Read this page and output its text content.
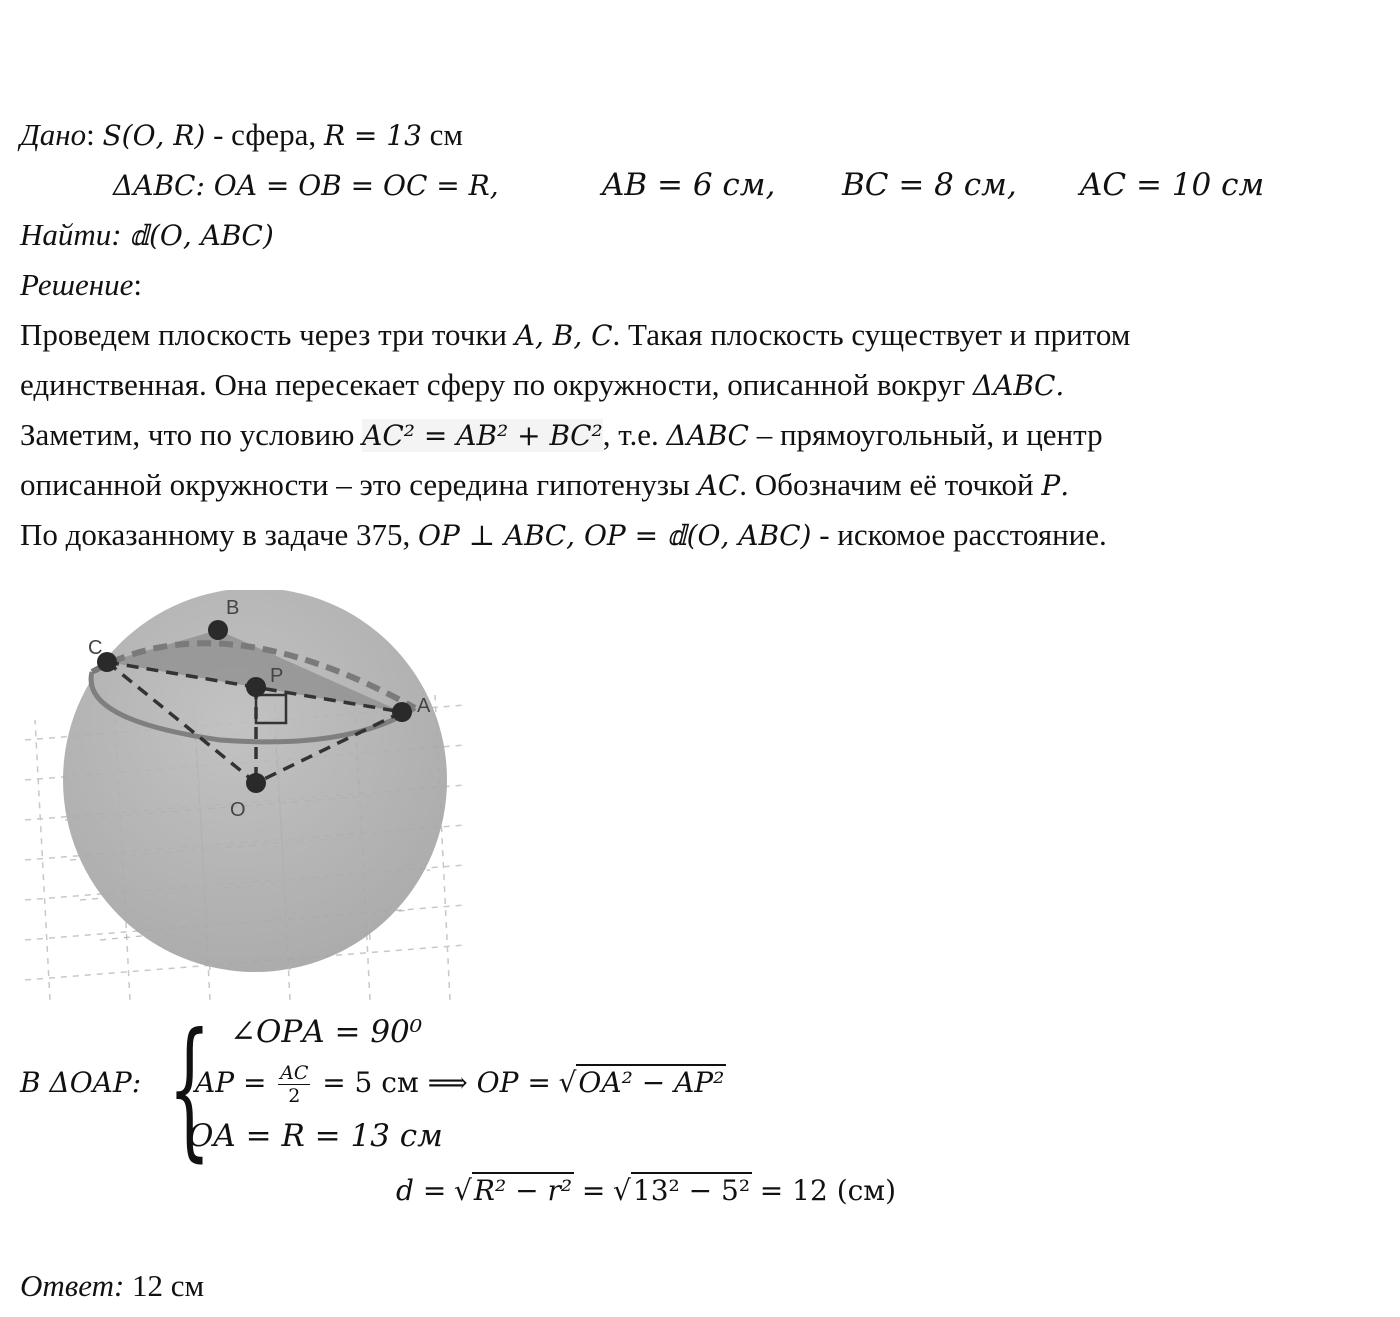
Дано: 𝑆(𝑂, 𝑅) - сфера, 𝑅 = 13 см
Δ𝐴𝐵𝐶: 𝑂𝐴 = 𝑂𝐵 = 𝑂𝐶 = 𝑅,	𝐴𝐵 = 6 см, 𝐵𝐶 = 8 см, 𝐴𝐶 = 10 см
Найти: 𝕕(𝑂, 𝐴𝐵𝐶)
Решение:
Проведем плоскость через три точки 𝐴, 𝐵, 𝐶. Такая плоскость существует и притом
единственная. Она пересекает сферу по окружности, описанной вокруг Δ𝐴𝐵𝐶.
Заметим, что по условию 𝐴𝐶² = 𝐴𝐵² + 𝐵𝐶², т.е. Δ𝐴𝐵𝐶 – прямоугольный, и центр
описанной окружности – это середина гипотенузы 𝐴𝐶. Обозначим её точкой 𝑃.
По доказанному в задаче 375, 𝑂𝑃 ⊥ 𝐴𝐵𝐶, 𝑂𝑃 = 𝕕(𝑂, 𝐴𝐵𝐶) - искомое расстояние.
B
C
P
A
O
В Δ𝑂𝐴𝑃: { ∠𝑂𝑃𝐴 = 90⁰
𝐴𝑃 = $\frac{\text{𝐴𝐶}}{2} = 5$ см ⟹ 𝑂𝑃 = √𝑂𝐴² − 𝐴𝑃²
𝑂𝐴 = 𝑅 = 13 см
𝑑 = √𝑅² − 𝑟² = √13² − 5² = 12 (см)
Ответ: 12 см
